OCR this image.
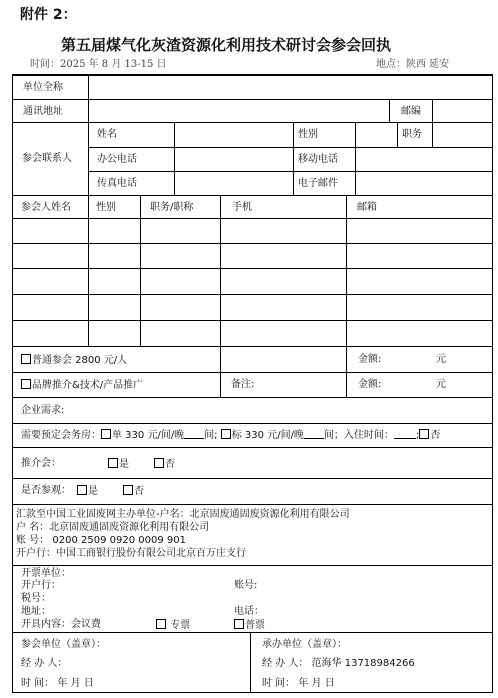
附件 2：
第五届煤气化灰渣资源化利用技术研讨会参会回执
时间：2025 年 8 月 13-15 日	地点：陕西 延安
单位全称
通讯地址	邮编
参会联系人
姓名	性别	职务
办公电话	移动电话
传真电话	电子邮件
参会人姓名	性别	职务/职称	手机	邮箱
普通参会 2800 元/人	金额:	元
品牌推介&技术/产品推广	备注:	金额:	元
企业需求:
需要预定会务房： 单 330 元/间/晚 间; 标 330 元/间/晚 间；入住时间： ; 否
推介会：	是	否
是否参观：	是	否
汇款至中国工业固废网主办单位-户名：北京固废通固废资源化利用有限公司
户 名：北京固废通固废资源化利用有限公司
账 号： 0200 2509 0920 0009 901
开户行：中国工商银行股份有限公司北京百万庄支行
开票单位：
开户行：	账号:
税号：
地址：	电话：
开具内容：会议费	专票	普票
参会单位（盖章）：
经 办 人：
时 间： 年 月 日
承办单位（盖章）：
经 办 人： 范海华 13718984266
时 间： 年 月 日
